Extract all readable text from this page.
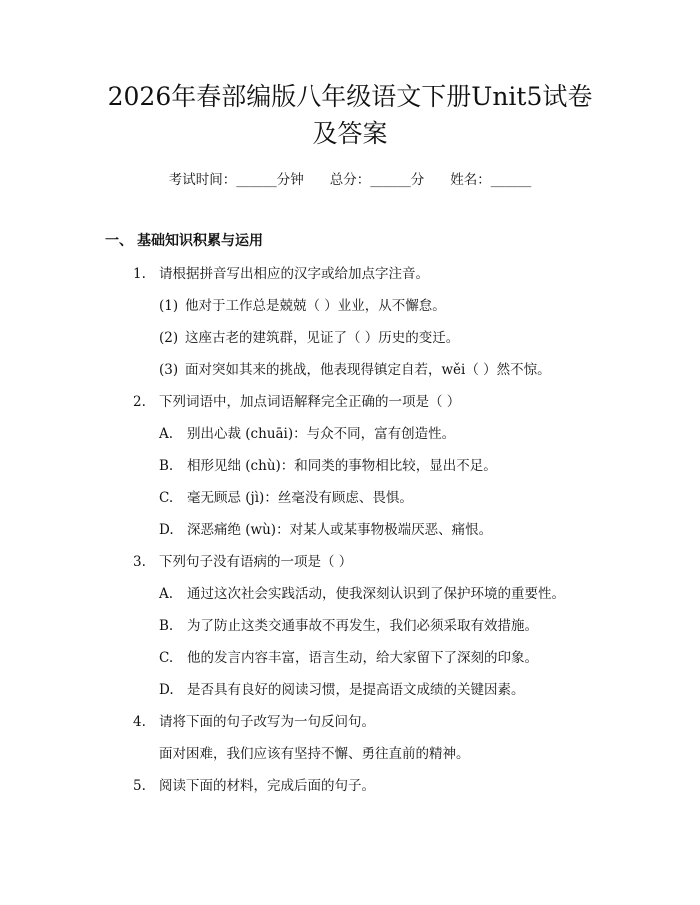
2026年春部编版八年级语文下册Unit5试卷
及答案
考试时间：______分钟 总分：______分 姓名：______
一、 基础知识积累与运用
1. 请根据拼音写出相应的汉字或给加点字注音。
(1) 他对于工作总是兢兢（ ）业业，从不懈怠。
(2) 这座古老的建筑群，见证了（ ）历史的变迁。
(3) 面对突如其来的挑战，他表现得镇定自若，wěi（ ）然不惊。
2. 下列词语中，加点词语解释完全正确的一项是（ ）
A. 别出心裁 (chuāi)：与众不同，富有创造性。
B. 相形见绌 (chù)：和同类的事物相比较，显出不足。
C. 毫无顾忌 (jì)：丝毫没有顾虑、畏惧。
D. 深恶痛绝 (wù)：对某人或某事物极端厌恶、痛恨。
3. 下列句子没有语病的一项是（ ）
A. 通过这次社会实践活动，使我深刻认识到了保护环境的重要性。
B. 为了防止这类交通事故不再发生，我们必须采取有效措施。
C. 他的发言内容丰富，语言生动，给大家留下了深刻的印象。
D. 是否具有良好的阅读习惯，是提高语文成绩的关键因素。
4. 请将下面的句子改写为一句反问句。
面对困难，我们应该有坚持不懈、勇往直前的精神。
5. 阅读下面的材料，完成后面的句子。
